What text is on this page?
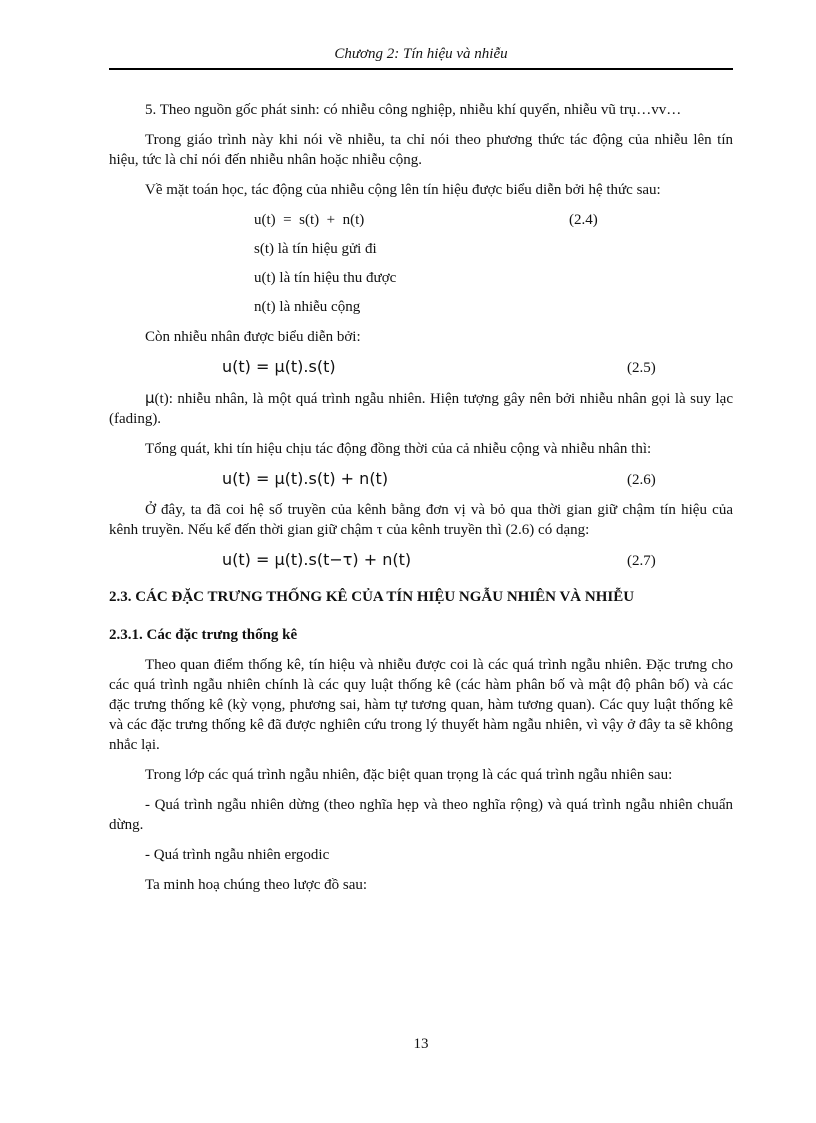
Chương 2: Tín hiệu và nhiễu

5. Theo nguồn gốc phát sinh: có nhiễu công nghiệp, nhiễu khí quyển, nhiễu vũ trụ…vv…

Trong giáo trình này khi nói về nhiễu, ta chỉ nói theo phương thức tác động của nhiễu lên tín hiệu, tức là chỉ nói đến nhiễu nhân hoặc nhiễu cộng.

Về mặt toán học, tác động của nhiễu cộng lên tín hiệu được biểu diễn bởi hệ thức sau:

u(t)  =  s(t)  +  n(t)	(2.4)

s(t) là tín hiệu gửi đi

u(t) là tín hiệu thu được

n(t) là nhiễu cộng

Còn nhiễu nhân được biểu diễn bởi:

u(t) = μ(t).s(t)	(2.5)

μ(t): nhiễu nhân, là một quá trình ngẫu nhiên. Hiện tượng gây nên bởi nhiễu nhân gọi là suy lạc (fading).

Tổng quát, khi tín hiệu chịu tác động đồng thời của cả nhiễu cộng và nhiễu nhân thì:

u(t) = μ(t).s(t) + n(t)	(2.6)

Ở đây, ta đã coi hệ số truyền của kênh bằng đơn vị và bỏ qua thời gian giữ chậm tín hiệu của kênh truyền. Nếu kể đến thời gian giữ chậm τ của kênh truyền thì (2.6) có dạng:

u(t) = μ(t).s(t−τ) + n(t)	(2.7)

2.3. CÁC ĐẶC TRƯNG THỐNG KÊ CỦA TÍN HIỆU NGẪU NHIÊN VÀ NHIỄU

2.3.1. Các đặc trưng thống kê

Theo quan điểm thống kê, tín hiệu và nhiễu được coi là các quá trình ngẫu nhiên. Đặc trưng cho các quá trình ngẫu nhiên chính là các quy luật thống kê (các hàm phân bố và mật độ phân bố) và các đặc trưng thống kê (kỳ vọng, phương sai, hàm tự tương quan, hàm tương quan). Các quy luật thống kê và các đặc trưng thống kê đã được nghiên cứu trong lý thuyết hàm ngẫu nhiên, vì vậy ở đây ta sẽ không nhắc lại.

Trong lớp các quá trình ngẫu nhiên, đặc biệt quan trọng là các quá trình ngẫu nhiên sau:

- Quá trình ngẫu nhiên dừng (theo nghĩa hẹp và theo nghĩa rộng) và quá trình ngẫu nhiên chuẩn dừng.

- Quá trình ngẫu nhiên ergodic

Ta minh hoạ chúng theo lược đồ sau:

13
